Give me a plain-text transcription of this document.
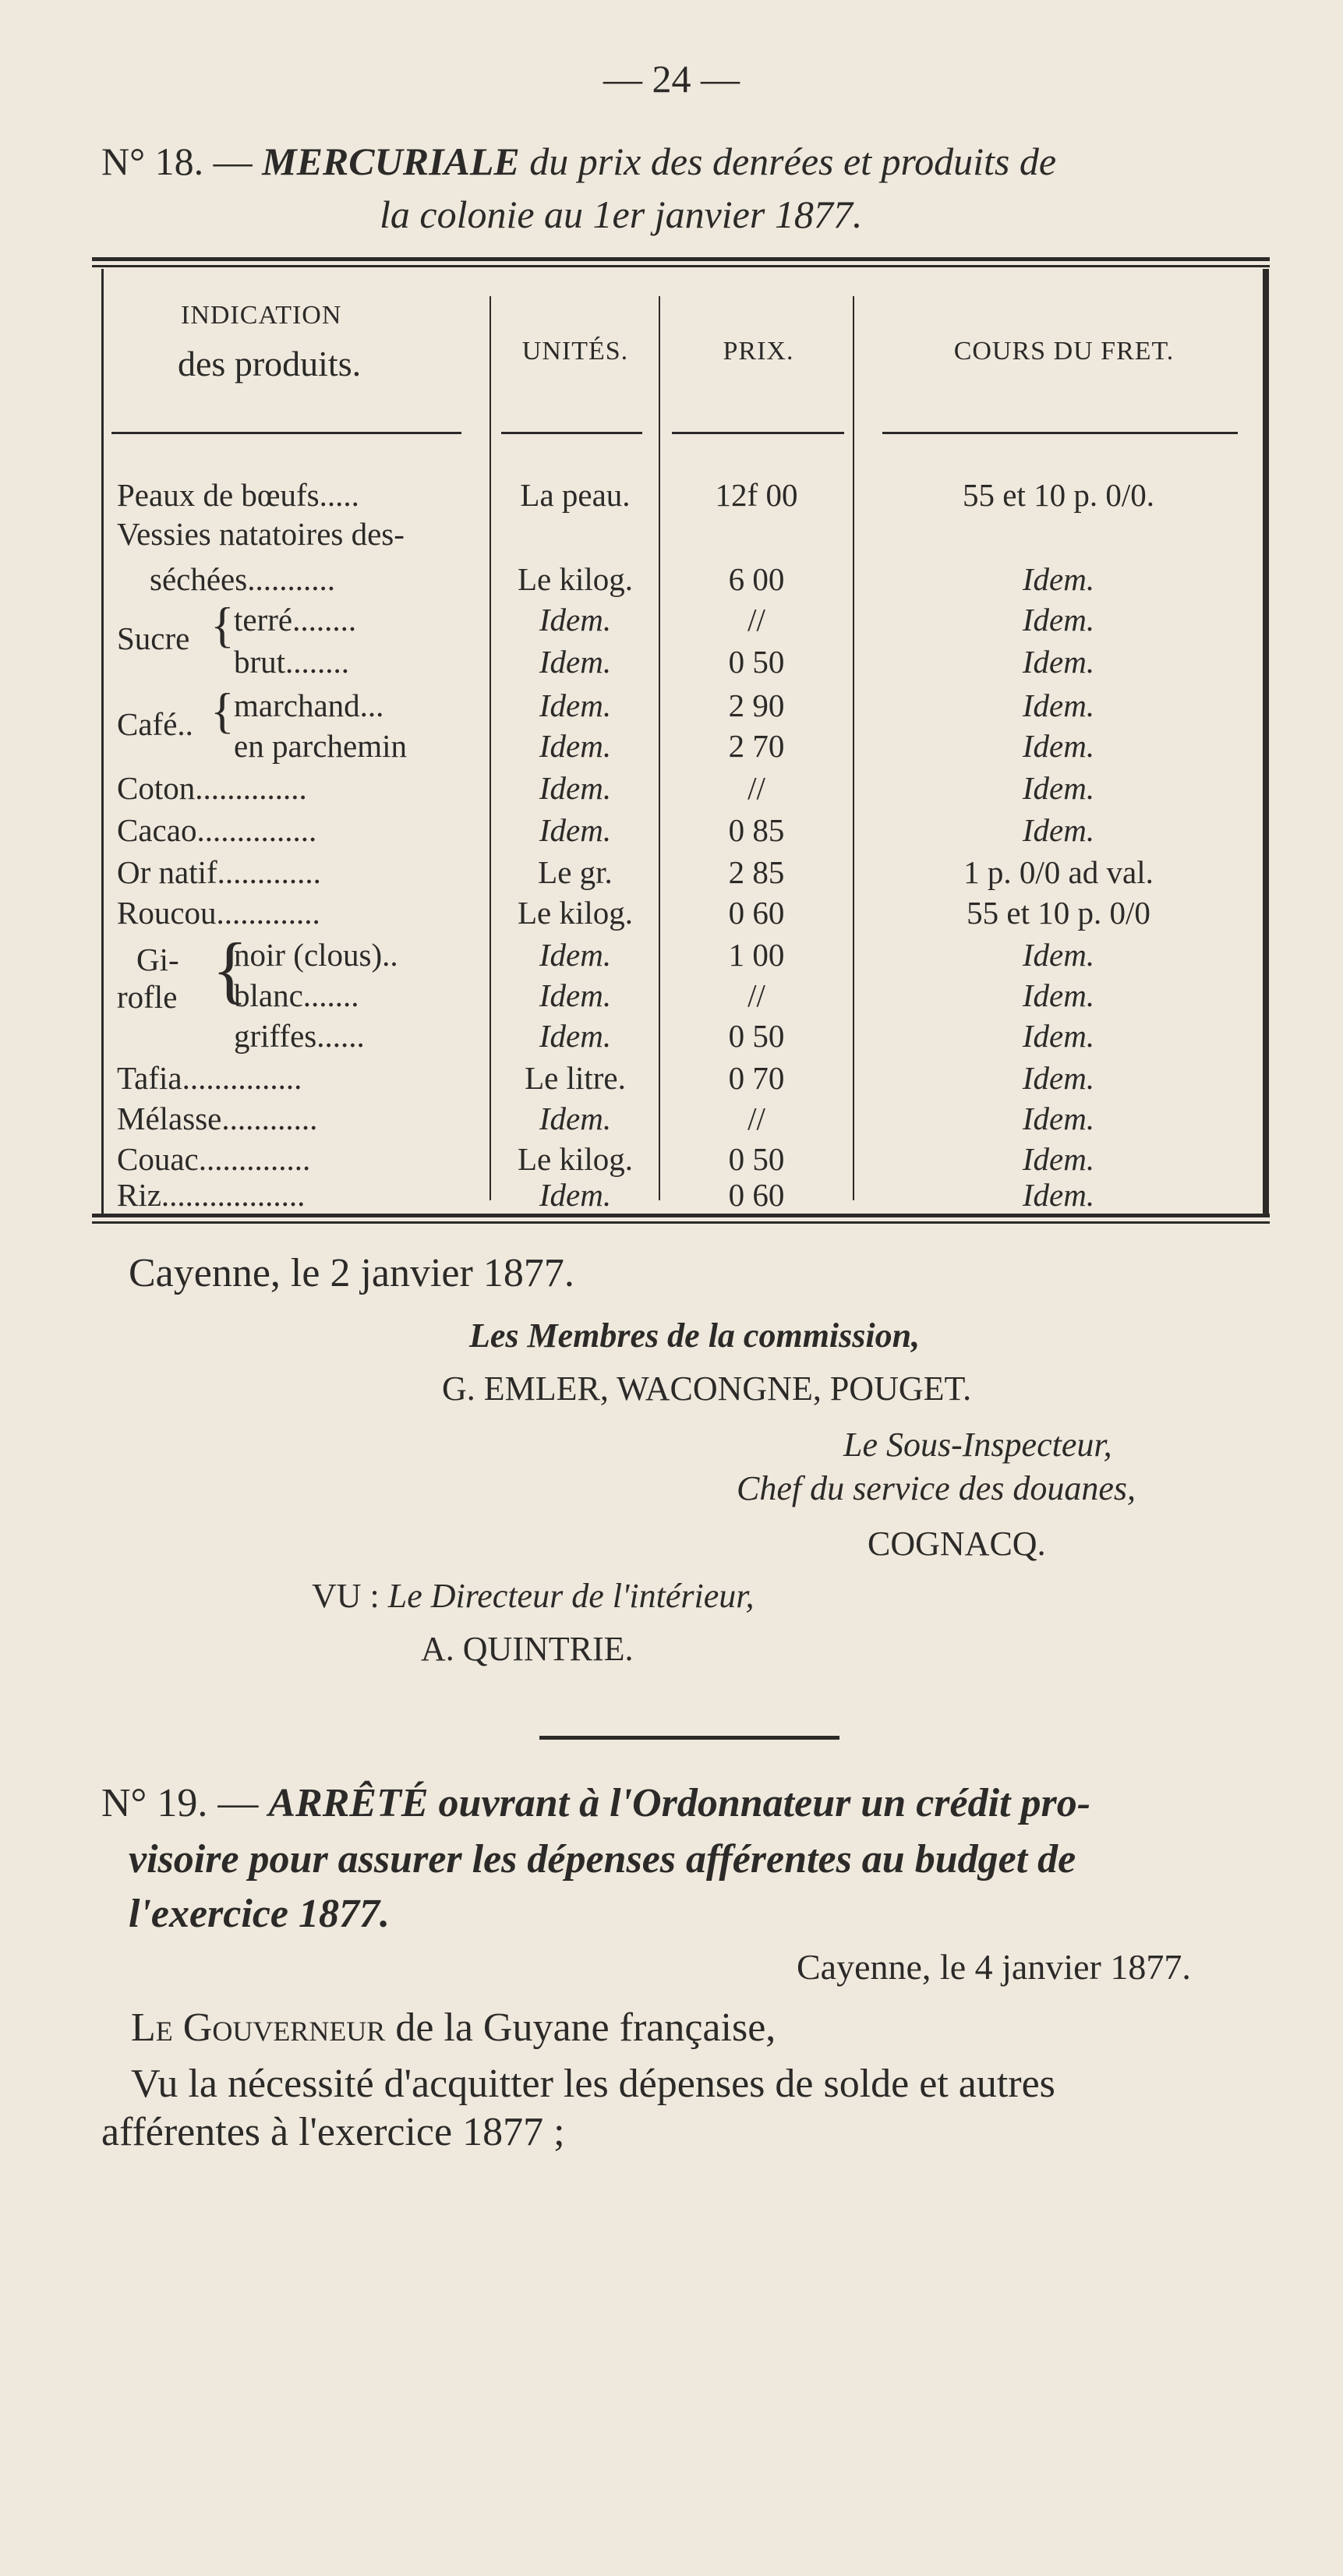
— 24 —
N° 18. — MERCURIALE du prix des denrées et produits de
la colonie au 1er janvier 1877.
INDICATION
des produits.	UNITÉS.	PRIX.	COURS DU FRET.
Peaux de bœufs.....	La peau.	12f 00	55 et 10 p. 0/0.
Vessies natatoires des-
séchées...........	Le kilog.	6 00	Idem.
Sucre { terré........	Idem.	//	Idem.
brut........	Idem.	0 50	Idem.
Café.. { marchand...	Idem.	2 90	Idem.
en parchemin	Idem.	2 70	Idem.
Coton..............	Idem.	//	Idem.
Cacao...............	Idem.	0 85	Idem.
Or natif.............	Le gr.	2 85	1 p. 0/0 ad val.
Roucou.............	Le kilog.	0 60	55 et 10 p. 0/0
Gi-
rofle {
noir (clous)..	Idem.	1 00	Idem.
blanc.......	Idem.	//	Idem.
griffes......	Idem.	0 50	Idem.
Tafia...............	Le litre.	0 70	Idem.
Mélasse............	Idem.	//	Idem.
Couac..............	Le kilog.	0 50	Idem.
Riz..................	Idem.	0 60	Idem.
Cayenne, le 2 janvier 1877.
Les Membres de la commission,
G. EMLER, WACONGNE, POUGET.
Le Sous-Inspecteur,
Chef du service des douanes,
COGNACQ.
VU : Le Directeur de l'intérieur,
A. QUINTRIE.
N° 19. — ARRÊTÉ ouvrant à l'Ordonnateur un crédit pro-
visoire pour assurer les dépenses afférentes au budget de
l'exercice 1877.
Cayenne, le 4 janvier 1877.
Le Gouverneur de la Guyane française,
Vu la nécessité d'acquitter les dépenses de solde et autres
afférentes à l'exercice 1877 ;
